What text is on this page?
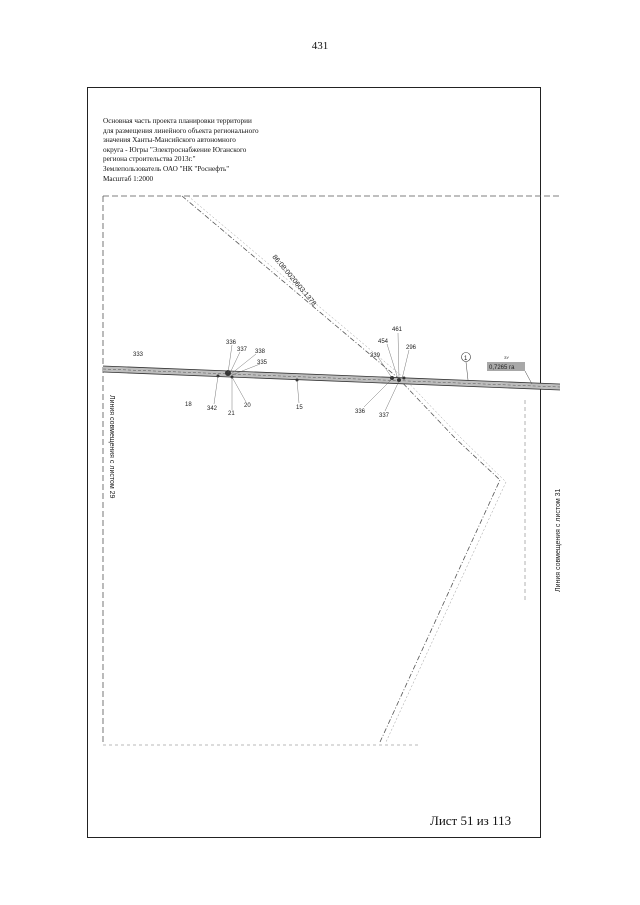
431
Основная часть проекта планировки территории
для размещения линейного объекта регионального
значения Ханты-Мансийского автономного
округа - Югры "Электроснабжение Юганского
региона строительства 2013г."
Землепользователь ОАО "НК "Роснефть"
Масштаб 1:2000
86:08:0020603:1378
Линия совмещения с листом 29
Линия совмещения с листом 31
0,7265 га
ЗУ
1
333
336
337 338
335
18
342
21
20	15
461
454
296
339
336
337
Лист 51 из 113
